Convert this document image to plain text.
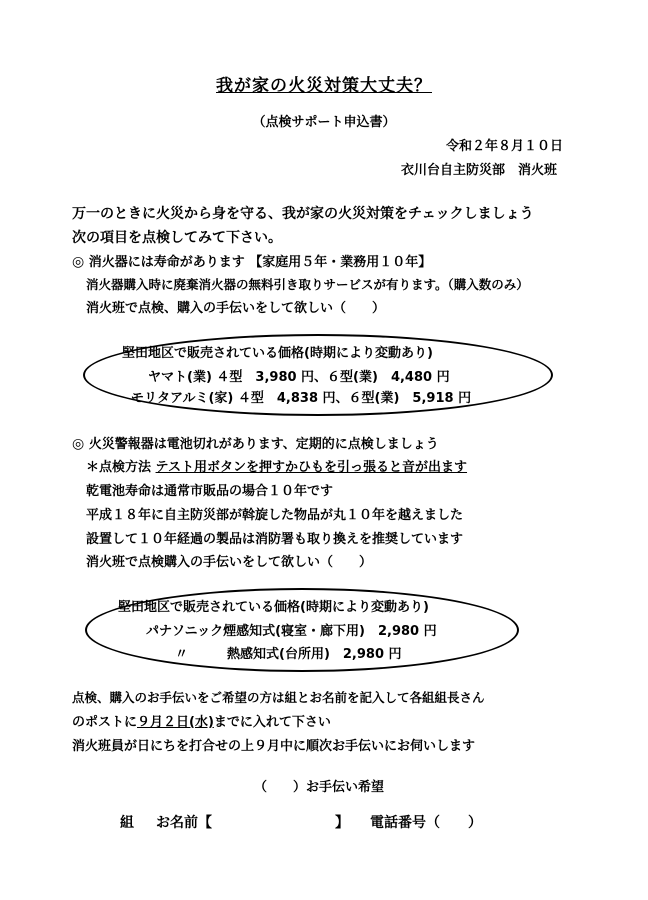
我が家の火災対策大丈夫？
（点検サポート申込書）
令和２年８月１０日
衣川台自主防災部　消火班
万一のときに火災から身を守る、我が家の火災対策をチェックしましょう
次の項目を点検してみて下さい。
◎ 消火器には寿命があります 【家庭用５年・業務用１０年】
消火器購入時に廃棄消火器の無料引き取りサービスが有ります。（購入数のみ）
消火班で点検、購入の手伝いをして欲しい（　　）
堅田地区で販売されている価格(時期により変動あり)
ヤマト(業) ４型　3,980 円、６型(業)　4,480 円
モリタアルミ(家) ４型　4,838 円、６型(業)　5,918 円
◎ 火災警報器は電池切れがあります、定期的に点検しましょう
＊点検方法 テスト用ボタンを押すかひもを引っ張ると音が出ます
乾電池寿命は通常市販品の場合１０年です
平成１８年に自主防災部が斡旋した物品が丸１０年を越えました
設置して１０年経過の製品は消防署も取り換えを推奨しています
消火班で点検購入の手伝いをして欲しい（　　）
堅田地区で販売されている価格(時期により変動あり)
パナソニック煙感知式(寝室・廊下用)　2,980 円
〃　　　熱感知式(台所用)　2,980 円
点検、購入のお手伝いをご希望の方は組とお名前を記入して各組組長さん
のポストに９月２日(水)までに入れて下さい
消火班員が日にちを打合せの上９月中に順次お手伝いにお伺いします
（　　）お手伝い希望
組 お名前【	】 電話番号（　　）
